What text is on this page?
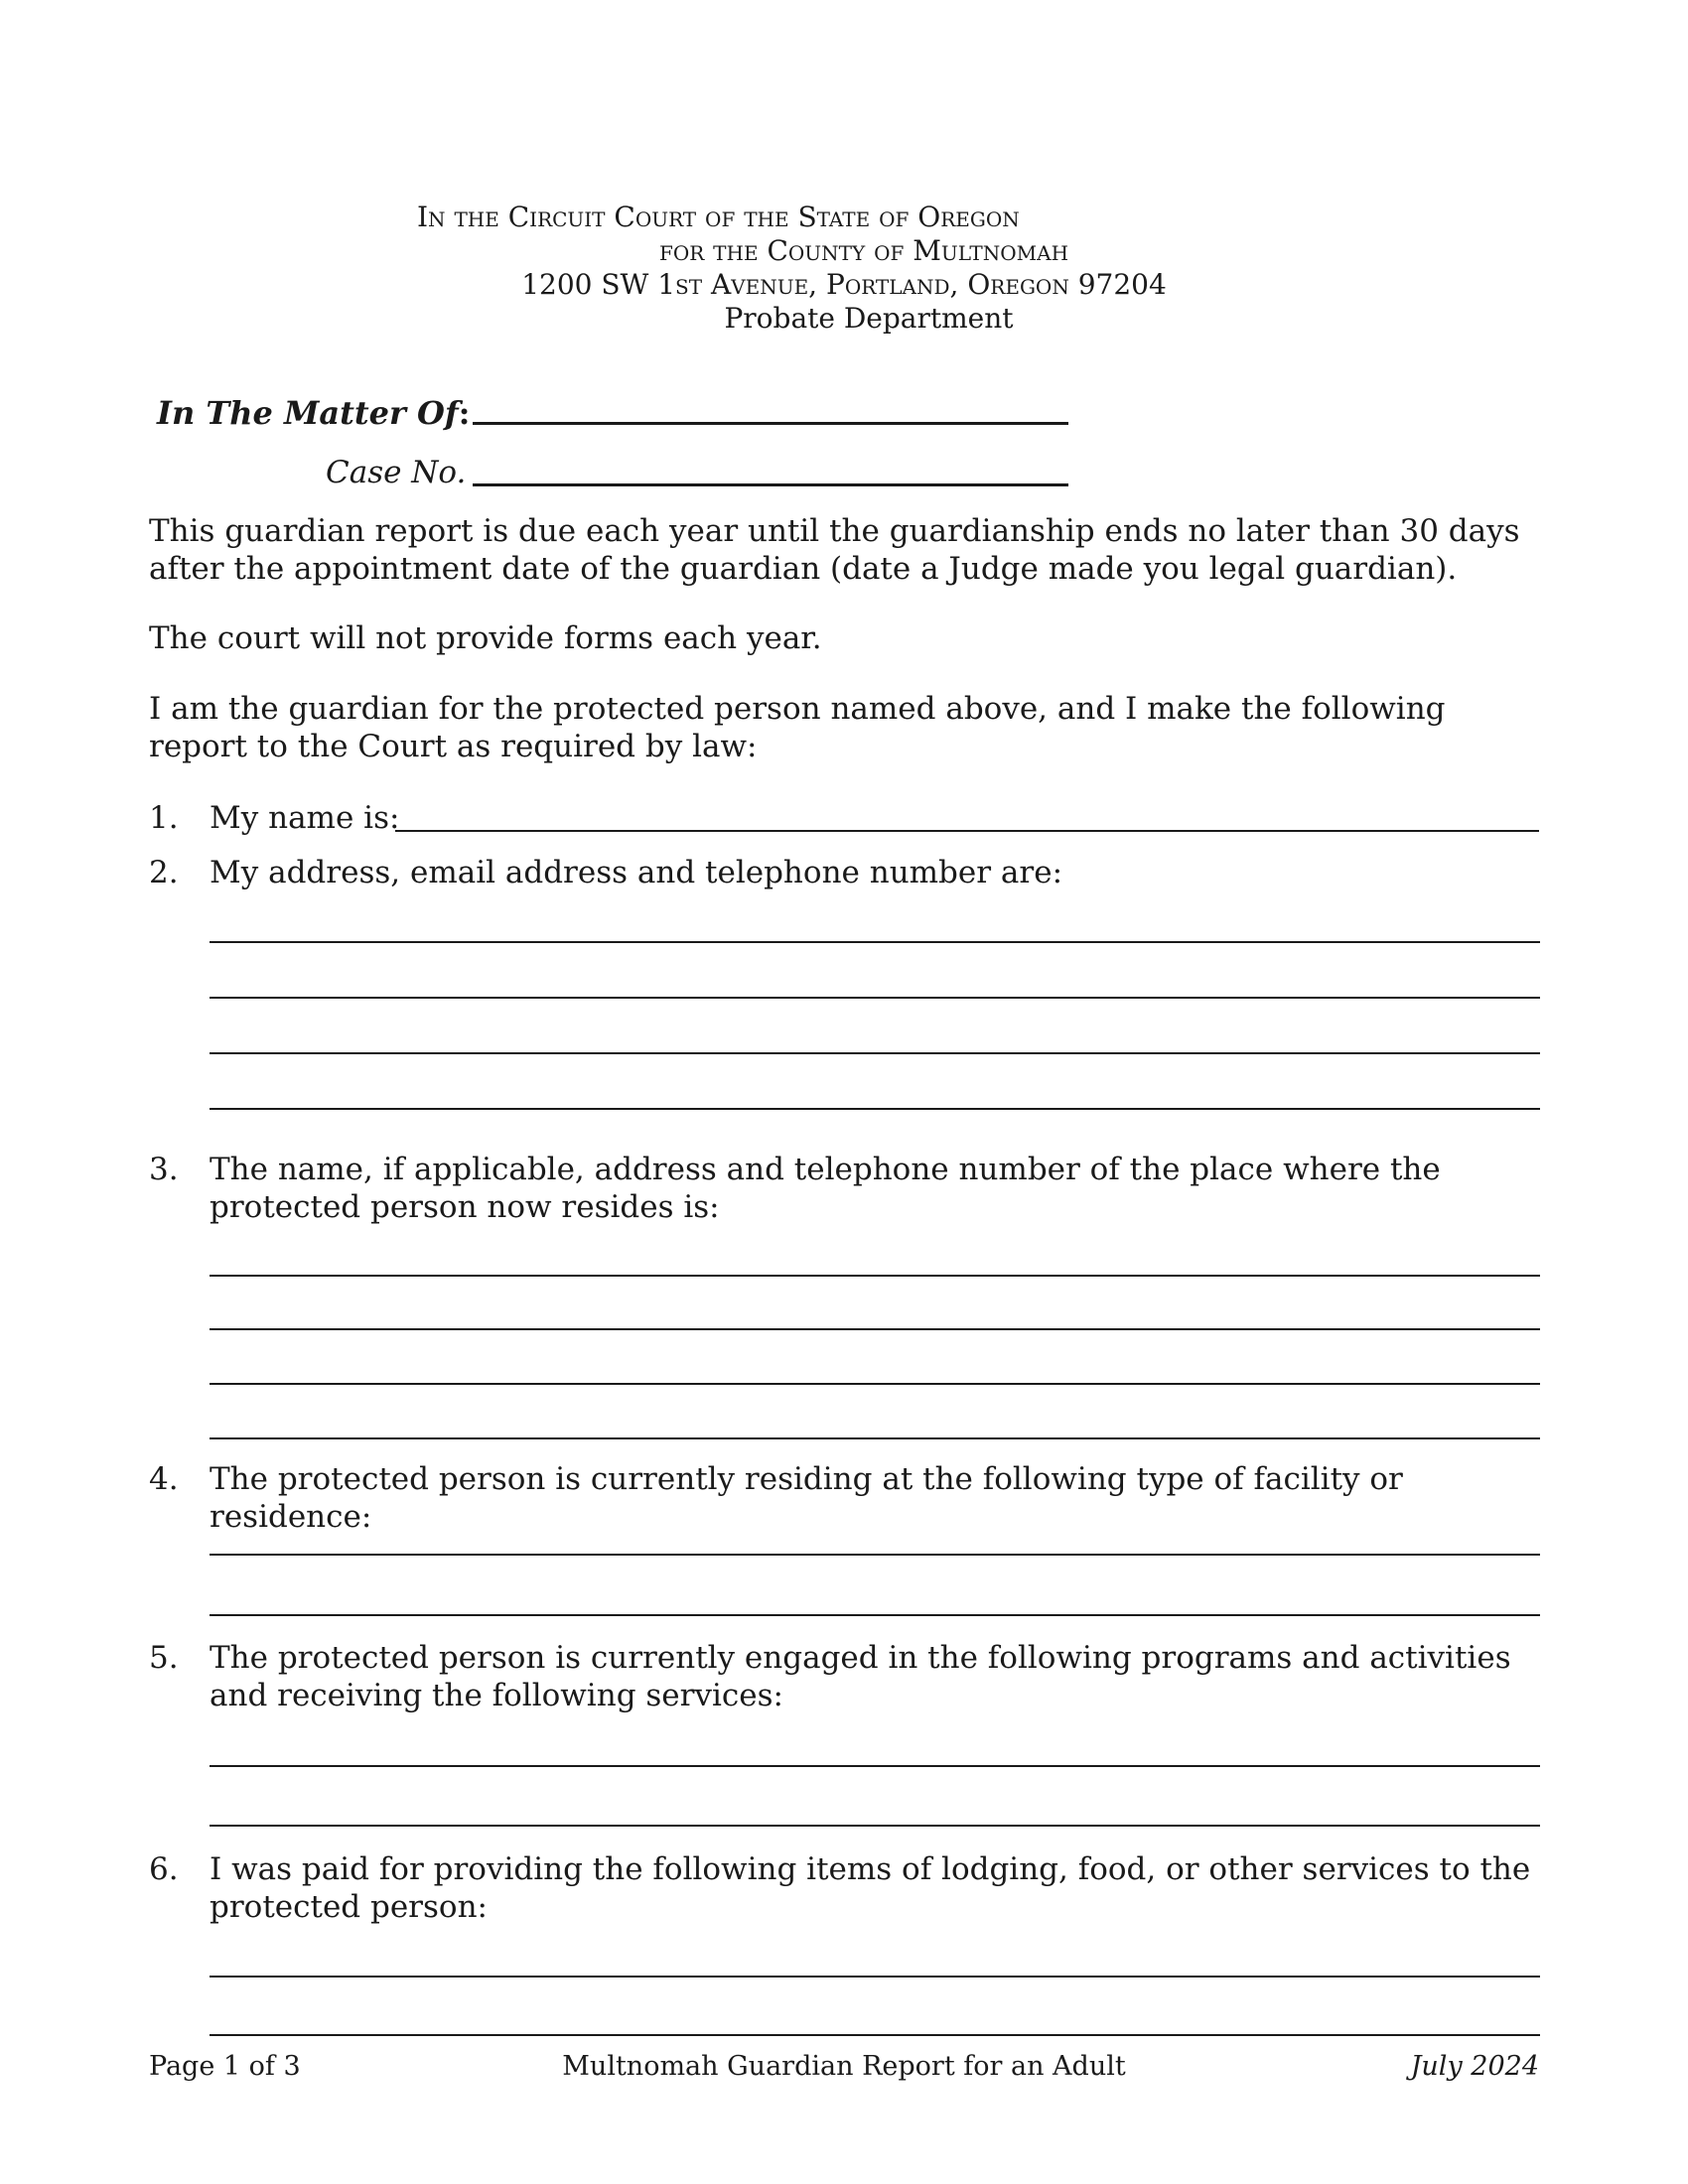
In the Circuit Court of the State of Oregon
for the County of Multnomah
1200 SW 1st Avenue, Portland, Oregon 97204
Probate Department
In The Matter Of:
Case No.
This guardian report is due each year until the guardianship ends no later than 30 days after the appointment date of the guardian (date a Judge made you legal guardian).
The court will not provide forms each year.
I am the guardian for the protected person named above, and I make the following report to the Court as required by law:
1. My name is:
2. My address, email address and telephone number are:
3. The name, if applicable, address and telephone number of the place where the protected person now resides is:
4. The protected person is currently residing at the following type of facility or residence:
5. The protected person is currently engaged in the following programs and activities and receiving the following services:
6. I was paid for providing the following items of lodging, food, or other services to the protected person:
Page 1 of 3	Multnomah Guardian Report for an Adult	July 2024
